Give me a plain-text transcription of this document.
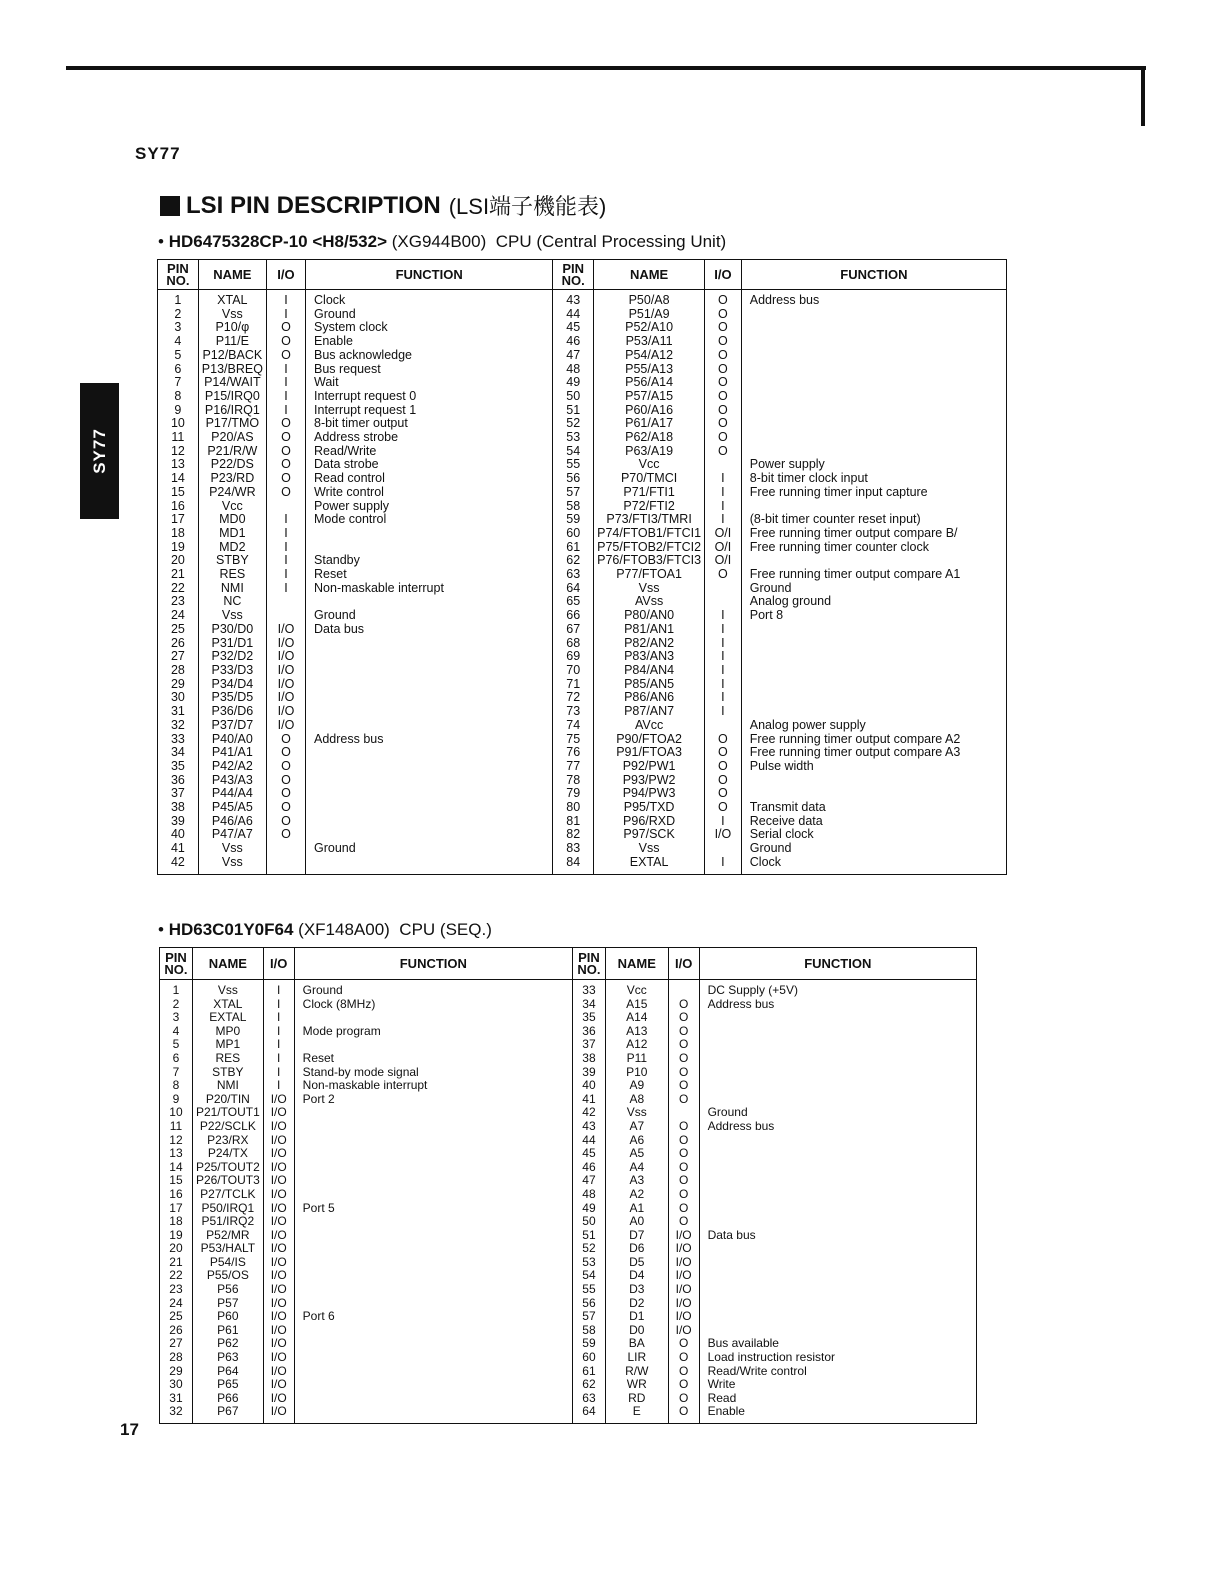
SY77
SY77
LSI PIN DESCRIPTION (LSI端子機能表)
• HD6475328CP-10 <H8/532> (XG944B00) CPU (Central Processing Unit)
PIN NO.	NAME	I/O	FUNCTION	PIN NO.	NAME	I/O	FUNCTION
1	XTAL	I	Clock	43	P50/A8	O	Address bus
2	Vss	I	Ground	44	P51/A9	O	
3	P10/φ	O	System clock	45	P52/A10	O	
4	P11/E	O	Enable	46	P53/A11	O	
5	P12/BACK	O	Bus acknowledge	47	P54/A12	O	
6	P13/BREQ	I	Bus request	48	P55/A13	O	
7	P14/WAIT	I	Wait	49	P56/A14	O	
8	P15/IRQ0	I	Interrupt request 0	50	P57/A15	O	
9	P16/IRQ1	I	Interrupt request 1	51	P60/A16	O	
10	P17/TMO	O	8-bit timer output	52	P61/A17	O	
11	P20/AS	O	Address strobe	53	P62/A18	O	
12	P21/R/W	O	Read/Write	54	P63/A19	O	
13	P22/DS	O	Data strobe	55	Vcc		Power supply
14	P23/RD	O	Read control	56	P70/TMCI	I	8-bit timer clock input
15	P24/WR	O	Write control	57	P71/FTI1	I	Free running timer input capture
16	Vcc		Power supply	58	P72/FTI2	I	
17	MD0	I	Mode control	59	P73/FTI3/TMRI	I	(8-bit timer counter reset input)
18	MD1	I		60	P74/FTOB1/FTCI1	O/I	Free running timer output compare B/
19	MD2	I		61	P75/FTOB2/FTCI2	O/I	Free running timer counter clock
20	STBY	I	Standby	62	P76/FTOB3/FTCI3	O/I	
21	RES	I	Reset	63	P77/FTOA1	O	Free running timer output compare A1
22	NMI	I	Non-maskable interrupt	64	Vss		Ground
23	NC			65	AVss		Analog ground
24	Vss		Ground	66	P80/AN0	I	Port 8
25	P30/D0	I/O	Data bus	67	P81/AN1	I	
26	P31/D1	I/O		68	P82/AN2	I	
27	P32/D2	I/O		69	P83/AN3	I	
28	P33/D3	I/O		70	P84/AN4	I	
29	P34/D4	I/O		71	P85/AN5	I	
30	P35/D5	I/O		72	P86/AN6	I	
31	P36/D6	I/O		73	P87/AN7	I	
32	P37/D7	I/O		74	AVcc		Analog power supply
33	P40/A0	O	Address bus	75	P90/FTOA2	O	Free running timer output compare A2
34	P41/A1	O		76	P91/FTOA3	O	Free running timer output compare A3
35	P42/A2	O		77	P92/PW1	O	Pulse width
36	P43/A3	O		78	P93/PW2	O	
37	P44/A4	O		79	P94/PW3	O	
38	P45/A5	O		80	P95/TXD	O	Transmit data
39	P46/A6	O		81	P96/RXD	I	Receive data
40	P47/A7	O		82	P97/SCK	I/O	Serial clock
41	Vss		Ground	83	Vss		Ground
42	Vss			84	EXTAL	I	Clock
• HD63C01Y0F64 (XF148A00) CPU (SEQ.)
PIN NO.	NAME	I/O	FUNCTION	PIN NO.	NAME	I/O	FUNCTION
1	Vss	I	Ground	33	Vcc		DC Supply (+5V)
2	XTAL	I	Clock (8MHz)	34	A15	O	Address bus
3	EXTAL	I		35	A14	O	
4	MP0	I	Mode program	36	A13	O	
5	MP1	I		37	A12	O	
6	RES	I	Reset	38	P11	O	
7	STBY	I	Stand-by mode signal	39	P10	O	
8	NMI	I	Non-maskable interrupt	40	A9	O	
9	P20/TIN	I/O	Port 2	41	A8	O	
10	P21/TOUT1	I/O		42	Vss		Ground
11	P22/SCLK	I/O		43	A7	O	Address bus
12	P23/RX	I/O		44	A6	O	
13	P24/TX	I/O		45	A5	O	
14	P25/TOUT2	I/O		46	A4	O	
15	P26/TOUT3	I/O		47	A3	O	
16	P27/TCLK	I/O		48	A2	O	
17	P50/IRQ1	I/O	Port 5	49	A1	O	
18	P51/IRQ2	I/O		50	A0	O	
19	P52/MR	I/O		51	D7	I/O	Data bus
20	P53/HALT	I/O		52	D6	I/O	
21	P54/IS	I/O		53	D5	I/O	
22	P55/OS	I/O		54	D4	I/O	
23	P56	I/O		55	D3	I/O	
24	P57	I/O		56	D2	I/O	
25	P60	I/O	Port 6	57	D1	I/O	
26	P61	I/O		58	D0	I/O	
27	P62	I/O		59	BA	O	Bus available
28	P63	I/O		60	LIR	O	Load instruction resistor
29	P64	I/O		61	R/W	O	Read/Write control
30	P65	I/O		62	WR	O	Write
31	P66	I/O		63	RD	O	Read
32	P67	I/O		64	E	O	Enable
17
